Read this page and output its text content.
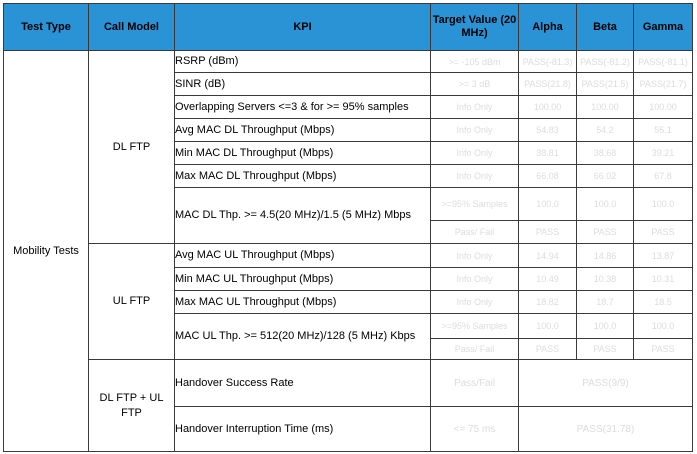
Test Type	Call Model	KPI	Target Value (20 MHz)	Alpha	Beta	Gamma
Mobility Tests	DL FTP	RSRP (dBm)	>= -105 dBm	PASS(-81.3)	PASS(-81.2)	PASS(-81.1)
		SINR (dB)	>= 3 dB	PASS(21.8)	PASS(21.5)	PASS(21.7)
		Overlapping Servers <=3 & for >= 95% samples	Info Only	100.00	100.00	100.00
		Avg MAC DL Throughput (Mbps)	Info Only	54.83	54.2	55.1
		Min MAC DL Throughput (Mbps)	Info Only	38.81	38.68	39.21
		Max MAC DL Throughput (Mbps)	Info Only	66.08	66.02	67.8
		MAC DL Thp. >= 4.5(20 MHz)/1.5 (5 MHz) Mbps	>=95% Samples	100.0	100.0	100.0
			Pass/ Fail	PASS	PASS	PASS
	UL FTP	Avg MAC UL Throughput (Mbps)	Info Only	14.94	14.86	13.87
		Min MAC UL Throughput (Mbps)	Info Only	10.49	10.38	10.31
		Max MAC UL Throughput (Mbps)	Info Only	18.82	18.7	18.5
		MAC UL Thp. >= 512(20 MHz)/128 (5 MHz) Kbps	>=95% Samples	100.0	100.0	100.0
			Pass/ Fail	PASS	PASS	PASS
	DL FTP + UL FTP	Handover Success Rate	Pass/Fail	PASS(9/9)		
		Handover Interruption Time (ms)	<= 75 ms	PASS(31.78)		
